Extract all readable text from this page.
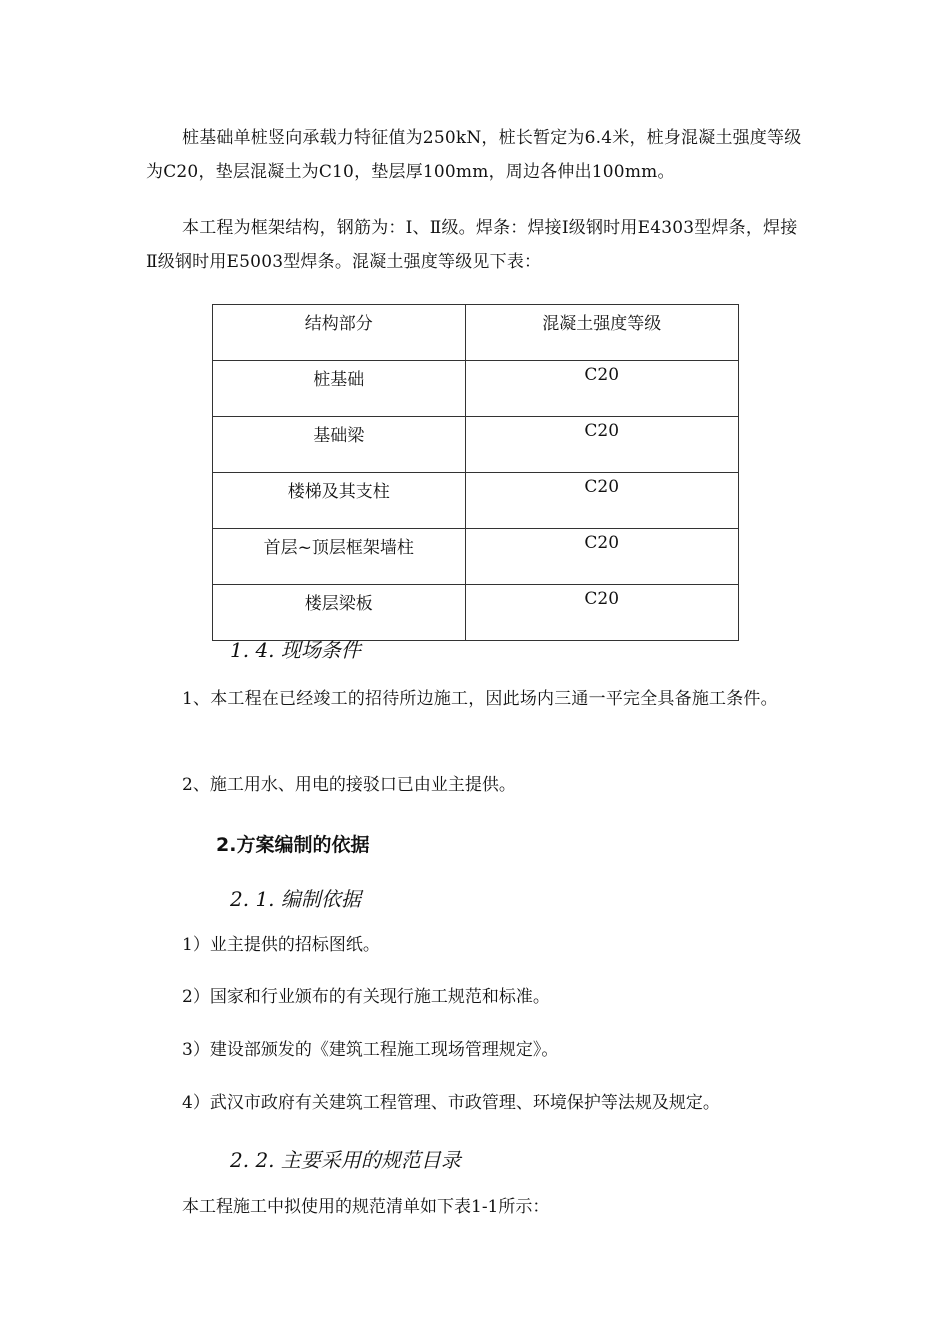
桩基础单桩竖向承载力特征值为250kN，桩长暂定为6.4米，桩身混凝土强度等级为C20，垫层混凝土为C10，垫层厚100mm，周边各伸出100mm。

本工程为框架结构，钢筋为：Ⅰ、Ⅱ级。焊条：焊接Ⅰ级钢时用E4303型焊条，焊接Ⅱ级钢时用E5003型焊条。混凝土强度等级见下表：

结构部分	混凝土强度等级
桩基础	C20
基础梁	C20
楼梯及其支柱	C20
首层~顶层框架墙柱	C20
楼层梁板	C20

1. 4. 现场条件

1、本工程在已经竣工的招待所边施工，因此场内三通一平完全具备施工条件。

2、施工用水、用电的接驳口已由业主提供。

2.方案编制的依据

2. 1. 编制依据

1）业主提供的招标图纸。

2）国家和行业颁布的有关现行施工规范和标准。

3）建设部颁发的《建筑工程施工现场管理规定》。

4）武汉市政府有关建筑工程管理、市政管理、环境保护等法规及规定。

2. 2. 主要采用的规范目录

本工程施工中拟使用的规范清单如下表1-1所示：
